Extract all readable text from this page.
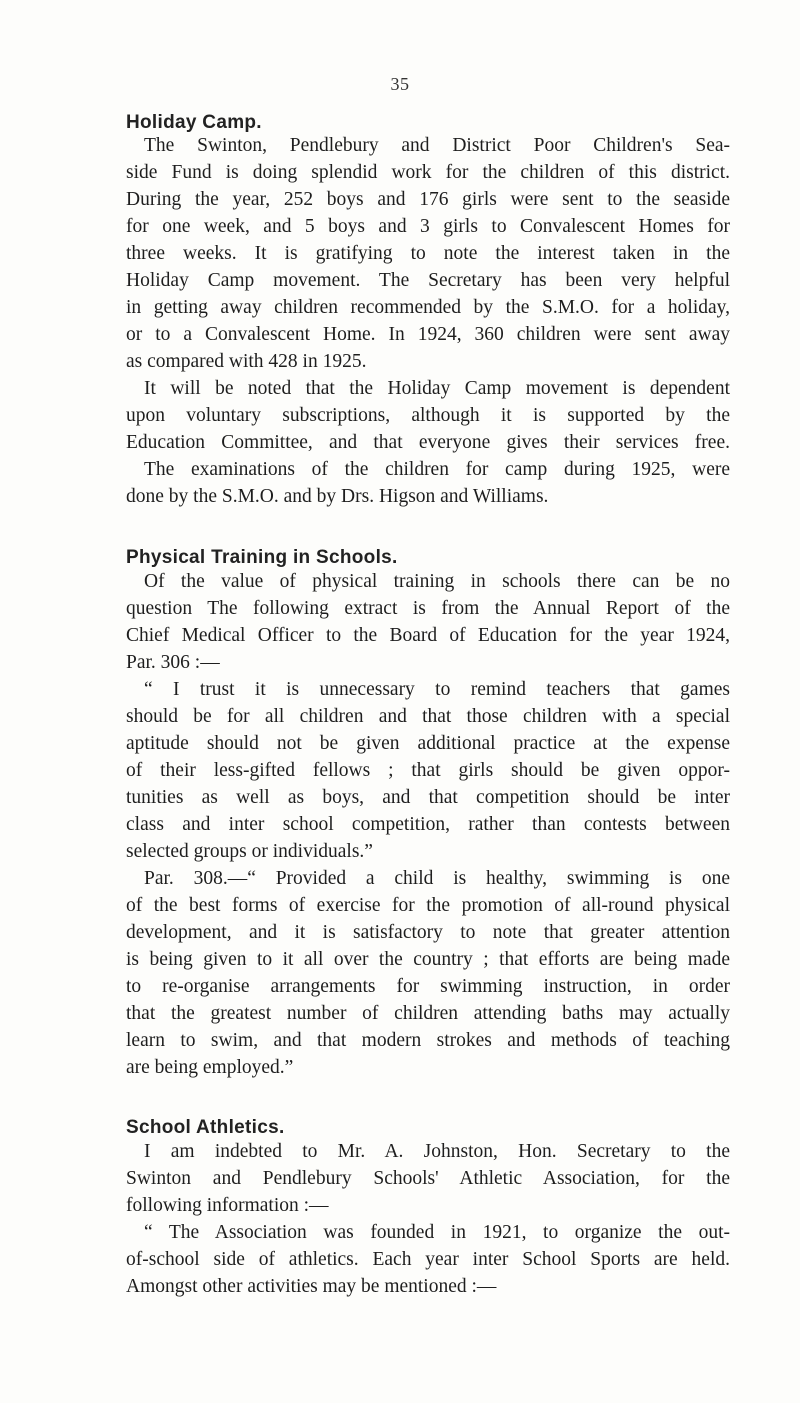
35
Holiday Camp.
The Swinton, Pendlebury and District Poor Children's Sea-
side Fund is doing splendid work for the children of this district.
During the year, 252 boys and 176 girls were sent to the seaside
for one week, and 5 boys and 3 girls to Convalescent Homes for
three weeks. It is gratifying to note the interest taken in the
Holiday Camp movement. The Secretary has been very helpful
in getting away children recommended by the S.M.O. for a holiday,
or to a Convalescent Home. In 1924, 360 children were sent away
as compared with 428 in 1925.
It will be noted that the Holiday Camp movement is dependent
upon voluntary subscriptions, although it is supported by the
Education Committee, and that everyone gives their services free.
The examinations of the children for camp during 1925, were
done by the S.M.O. and by Drs. Higson and Williams.
Physical Training in Schools.
Of the value of physical training in schools there can be no
question The following extract is from the Annual Report of the
Chief Medical Officer to the Board of Education for the year 1924,
Par. 306 :—
“ I trust it is unnecessary to remind teachers that games
should be for all children and that those children with a special
aptitude should not be given additional practice at the expense
of their less-gifted fellows ; that girls should be given oppor-
tunities as well as boys, and that competition should be inter
class and inter school competition, rather than contests between
selected groups or individuals.”
Par. 308.—“ Provided a child is healthy, swimming is one
of the best forms of exercise for the promotion of all-round physical
development, and it is satisfactory to note that greater attention
is being given to it all over the country ; that efforts are being made
to re-organise arrangements for swimming instruction, in order
that the greatest number of children attending baths may actually
learn to swim, and that modern strokes and methods of teaching
are being employed.”
School Athletics.
I am indebted to Mr. A. Johnston, Hon. Secretary to the
Swinton and Pendlebury Schools' Athletic Association, for the
following information :—
“ The Association was founded in 1921, to organize the out-
of-school side of athletics. Each year inter School Sports are held.
Amongst other activities may be mentioned :—
